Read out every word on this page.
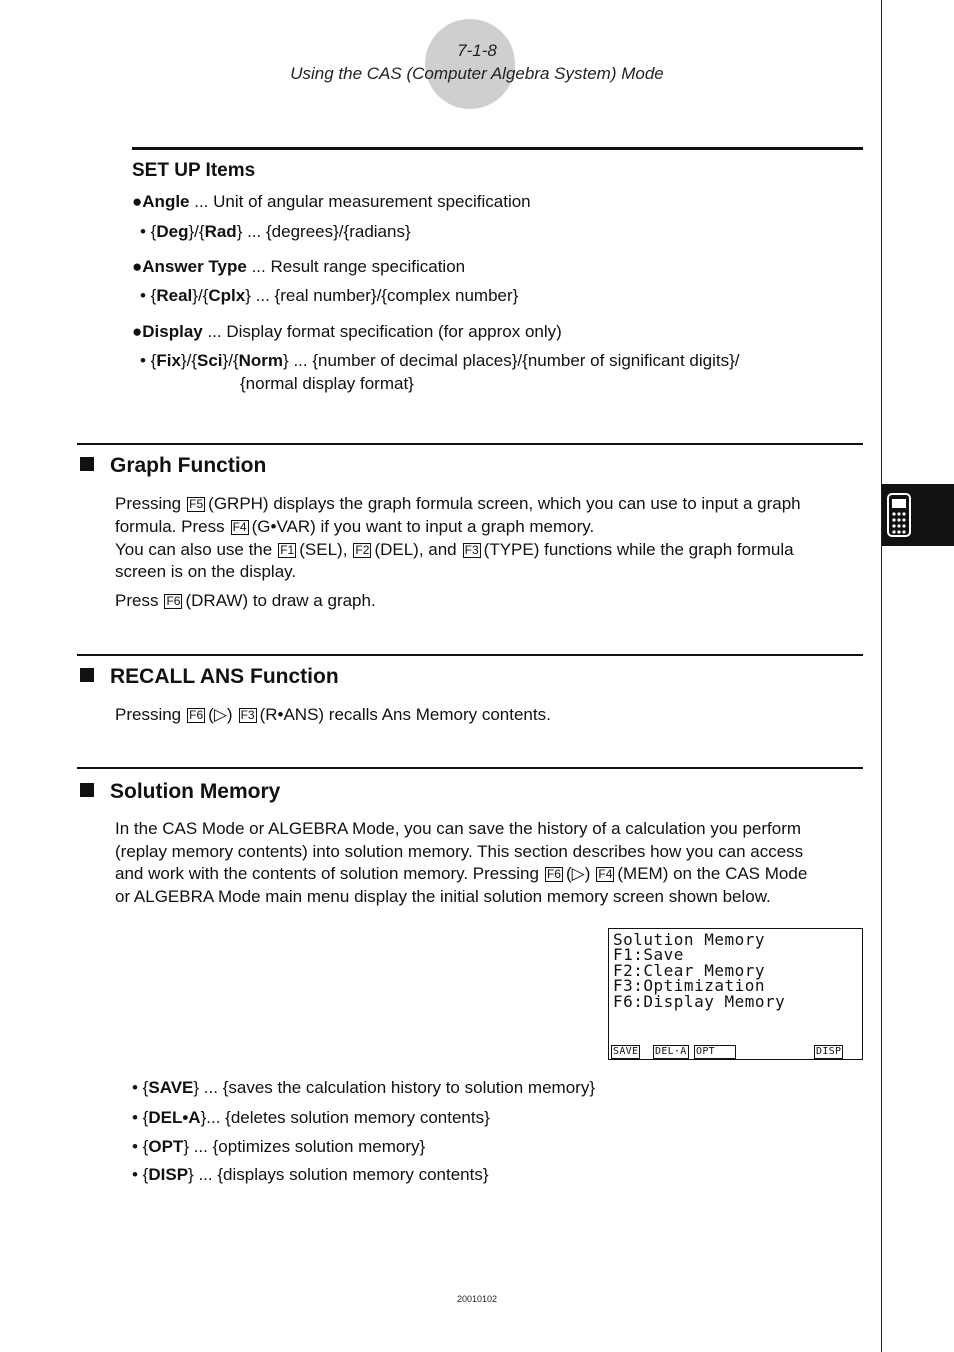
7-1-8
Using the CAS (Computer Algebra System) Mode
SET UP Items
●Angle ... Unit of angular measurement specification
• {Deg}/{Rad} ... {degrees}/{radians}
●Answer Type ... Result range specification
• {Real}/{Cplx} ... {real number}/{complex number}
●Display ... Display format specification (for approx only)
• {Fix}/{Sci}/{Norm} ... {number of decimal places}/{number of significant digits}/
{normal display format}
Graph Function
Pressing F5 (GRPH) displays the graph formula screen, which you can use to input a graph
formula. Press F4 (G•VAR) if you want to input a graph memory.
You can also use the F1 (SEL), F2 (DEL), and F3 (TYPE) functions while the graph formula
screen is on the display.
Press F6 (DRAW) to draw a graph.
RECALL ANS Function
Pressing F6 (▷) F3 (R•ANS) recalls Ans Memory contents.
Solution Memory
In the CAS Mode or ALGEBRA Mode, you can save the history of a calculation you perform
(replay memory contents) into solution memory. This section describes how you can access
and work with the contents of solution memory. Pressing F6 (▷) F4 (MEM) on the CAS Mode
or ALGEBRA Mode main menu display the initial solution memory screen shown below.
Solution Memory
F1:Save
F2:Clear Memory
F3:Optimization
F6:Display Memory
SAVE DEL·A OPT	DISP
• {SAVE} ... {saves the calculation history to solution memory}
• {DEL•A}... {deletes solution memory contents}
• {OPT} ... {optimizes solution memory}
• {DISP} ... {displays solution memory contents}
20010102
